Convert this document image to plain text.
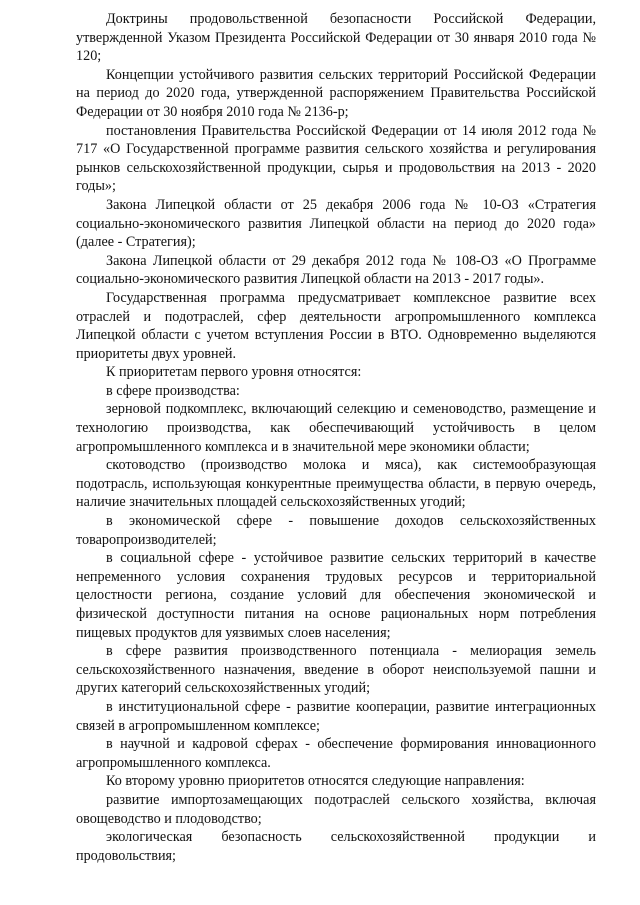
Доктрины продовольственной безопасности Российской Федерации, утвержденной Указом Президента Российской Федерации от 30 января 2010 года № 120;

Концепции устойчивого развития сельских территорий Российской Федерации на период до 2020 года, утвержденной распоряжением Правительства Российской Федерации от 30 ноября 2010 года № 2136-р;

постановления Правительства Российской Федерации от 14 июля 2012 года № 717 «О Государственной программе развития сельского хозяйства и регулирования рынков сельскохозяйственной продукции, сырья и продовольствия на 2013 - 2020 годы»;

Закона Липецкой области от 25 декабря 2006 года № 10-ОЗ «Стратегия социально-экономического развития Липецкой области на период до 2020 года» (далее - Стратегия);

Закона Липецкой области от 29 декабря 2012 года № 108-ОЗ «О Программе социально-экономического развития Липецкой области на 2013 - 2017 годы».

Государственная программа предусматривает комплексное развитие всех отраслей и подотраслей, сфер деятельности агропромышленного комплекса Липецкой области с учетом вступления России в ВТО. Одновременно выделяются приоритеты двух уровней.

К приоритетам первого уровня относятся:

в сфере производства:

зерновой подкомплекс, включающий селекцию и семеноводство, размещение и технологию производства, как обеспечивающий устойчивость в целом агропромышленного комплекса и в значительной мере экономики области;

скотоводство (производство молока и мяса), как системообразующая подотрасль, использующая конкурентные преимущества области, в первую очередь, наличие значительных площадей сельскохозяйственных угодий;

в экономической сфере - повышение доходов сельскохозяйственных товаропроизводителей;

в социальной сфере - устойчивое развитие сельских территорий в качестве непременного условия сохранения трудовых ресурсов и территориальной целостности региона, создание условий для обеспечения экономической и физической доступности питания на основе рациональных норм потребления пищевых продуктов для уязвимых слоев населения;

в сфере развития производственного потенциала - мелиорация земель сельскохозяйственного назначения, введение в оборот неиспользуемой пашни и других категорий сельскохозяйственных угодий;

в институциональной сфере - развитие кооперации, развитие интеграционных связей в агропромышленном комплексе;

в научной и кадровой сферах - обеспечение формирования инновационного агропромышленного комплекса.

Ко второму уровню приоритетов относятся следующие направления:

развитие импортозамещающих подотраслей сельского хозяйства, включая овощеводство и плодоводство;

экологическая безопасность сельскохозяйственной продукции и продовольствия;
